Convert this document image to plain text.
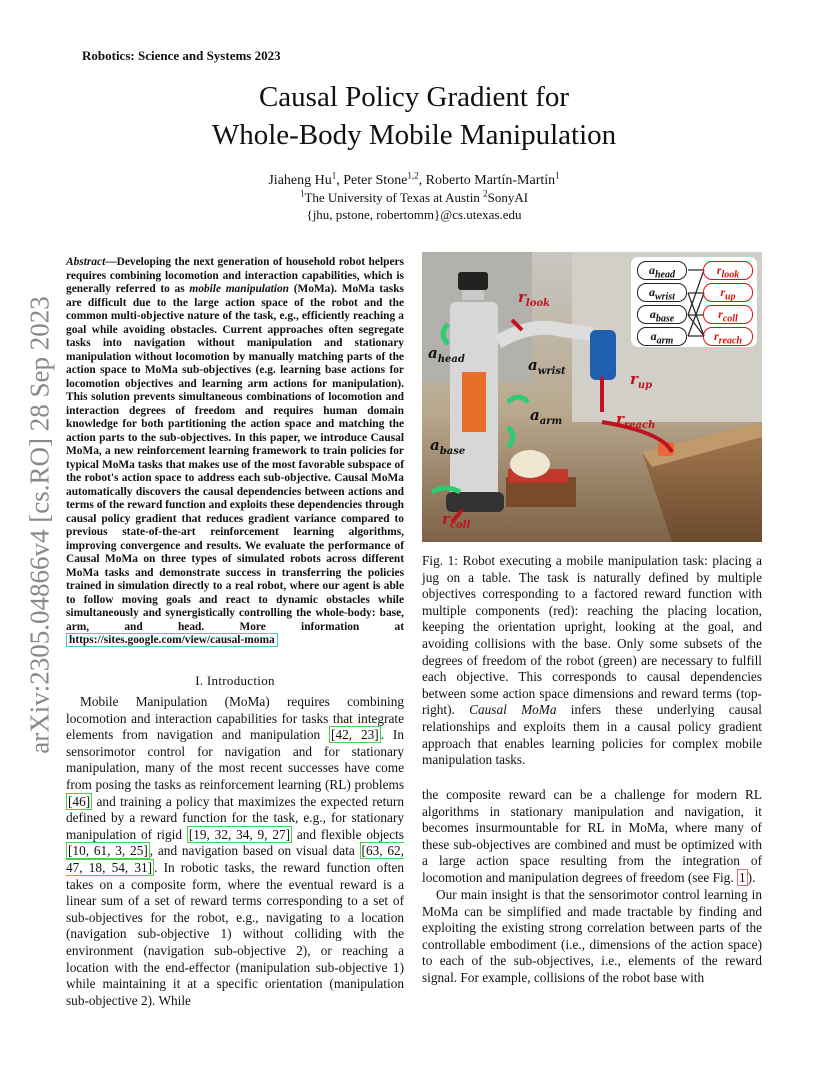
Robotics: Science and Systems 2023
Causal Policy Gradient for
Whole-Body Mobile Manipulation
Jiaheng Hu$^1$, Peter Stone$^{1,2}$, Roberto Martín-Martín$^1$
$^1$The University of Texas at Austin $^2$SonyAI
{jhu, pstone, robertomm}@cs.utexas.edu
arXiv:2305.04866v4 [cs.RO] 28 Sep 2023
Abstract—Developing the next generation of household robot helpers requires combining locomotion and interaction capabilities, which is generally referred to as mobile manipulation (MoMa). MoMa tasks are difficult due to the large action space of the robot and the common multi-objective nature of the task, e.g., efficiently reaching a goal while avoiding obstacles. Current approaches often segregate tasks into navigation without manipulation and stationary manipulation without locomotion by manually matching parts of the action space to MoMa sub-objectives (e.g. learning base actions for locomotion objectives and learning arm actions for manipulation). This solution prevents simultaneous combinations of locomotion and interaction degrees of freedom and requires human domain knowledge for both partitioning the action space and matching the action parts to the sub-objectives. In this paper, we introduce Causal MoMa, a new reinforcement learning framework to train policies for typical MoMa tasks that makes use of the most favorable subspace of the robot's action space to address each sub-objective. Causal MoMa automatically discovers the causal dependencies between actions and terms of the reward function and exploits these dependencies through causal policy gradient that reduces gradient variance compared to previous state-of-the-art reinforcement learning algorithms, improving convergence and results. We evaluate the performance of Causal MoMa on three types of simulated robots across different MoMa tasks and demonstrate success in transferring the policies trained in simulation directly to a real robot, where our agent is able to follow moving goals and react to dynamic obstacles while simultaneously and synergistically controlling the whole-body: base, arm, and head. More information at https://sites.google.com/view/causal-moma
I. Introduction
Mobile Manipulation (MoMa) requires combining locomotion and interaction capabilities for tasks that integrate elements from navigation and manipulation [42, 23] . In sensorimotor control for navigation and for stationary manipulation, many of the most recent successes have come from posing the tasks as reinforcement learning (RL) problems [46] and training a policy that maximizes the expected return defined by a reward function for the task, e.g., for stationary manipulation of rigid [19, 32, 34, 9, 27] and flexible objects [10, 61, 3, 25] , and navigation based on visual data [63, 62, 47, 18, 54, 31] . In robotic tasks, the reward function often takes on a composite form, where the eventual reward is a linear sum of a set of reward terms corresponding to a set of sub-objectives for the robot, e.g., navigating to a location (navigation sub-objective 1) without colliding with the environment (navigation sub-objective 2), or reaching a location with the end-effector (manipulation sub-objective 1) while maintaining it at a specific orientation (manipulation sub-objective 2). While
$r_{look}$
$a_{head}$	$a_{wrist}$	$r_{up}$
$a_{arm}$	$r_{reach}$
$a_{base}$
$r_{coll}$
$a_{head}$
$a_{wrist}$
$a_{base}$
$a_{arm}$
$r_{look}$
$r_{up}$
$r_{coll}$
$r_{reach}$
Fig. 1: Robot executing a mobile manipulation task: placing a jug on a table. The task is naturally defined by multiple objectives corresponding to a factored reward function with multiple components (red): reaching the placing location, keeping the orientation upright, looking at the goal, and avoiding collisions with the base. Only some subsets of the degrees of freedom of the robot (green) are necessary to fulfill each objective. This corresponds to causal dependencies between some action space dimensions and reward terms (top-right). Causal MoMa infers these underlying causal relationships and exploits them in a causal policy gradient approach that enables learning policies for complex mobile manipulation tasks.
the composite reward can be a challenge for modern RL algorithms in stationary manipulation and navigation, it becomes insurmountable for RL in MoMa, where many of these sub-objectives are combined and must be optimized with a large action space resulting from the integration of locomotion and manipulation degrees of freedom (see Fig. 1 ).
Our main insight is that the sensorimotor control learning in MoMa can be simplified and made tractable by finding and exploiting the existing strong correlation between parts of the controllable embodiment (i.e., dimensions of the action space) to each of the sub-objectives, i.e., elements of the reward signal. For example, collisions of the robot base with
